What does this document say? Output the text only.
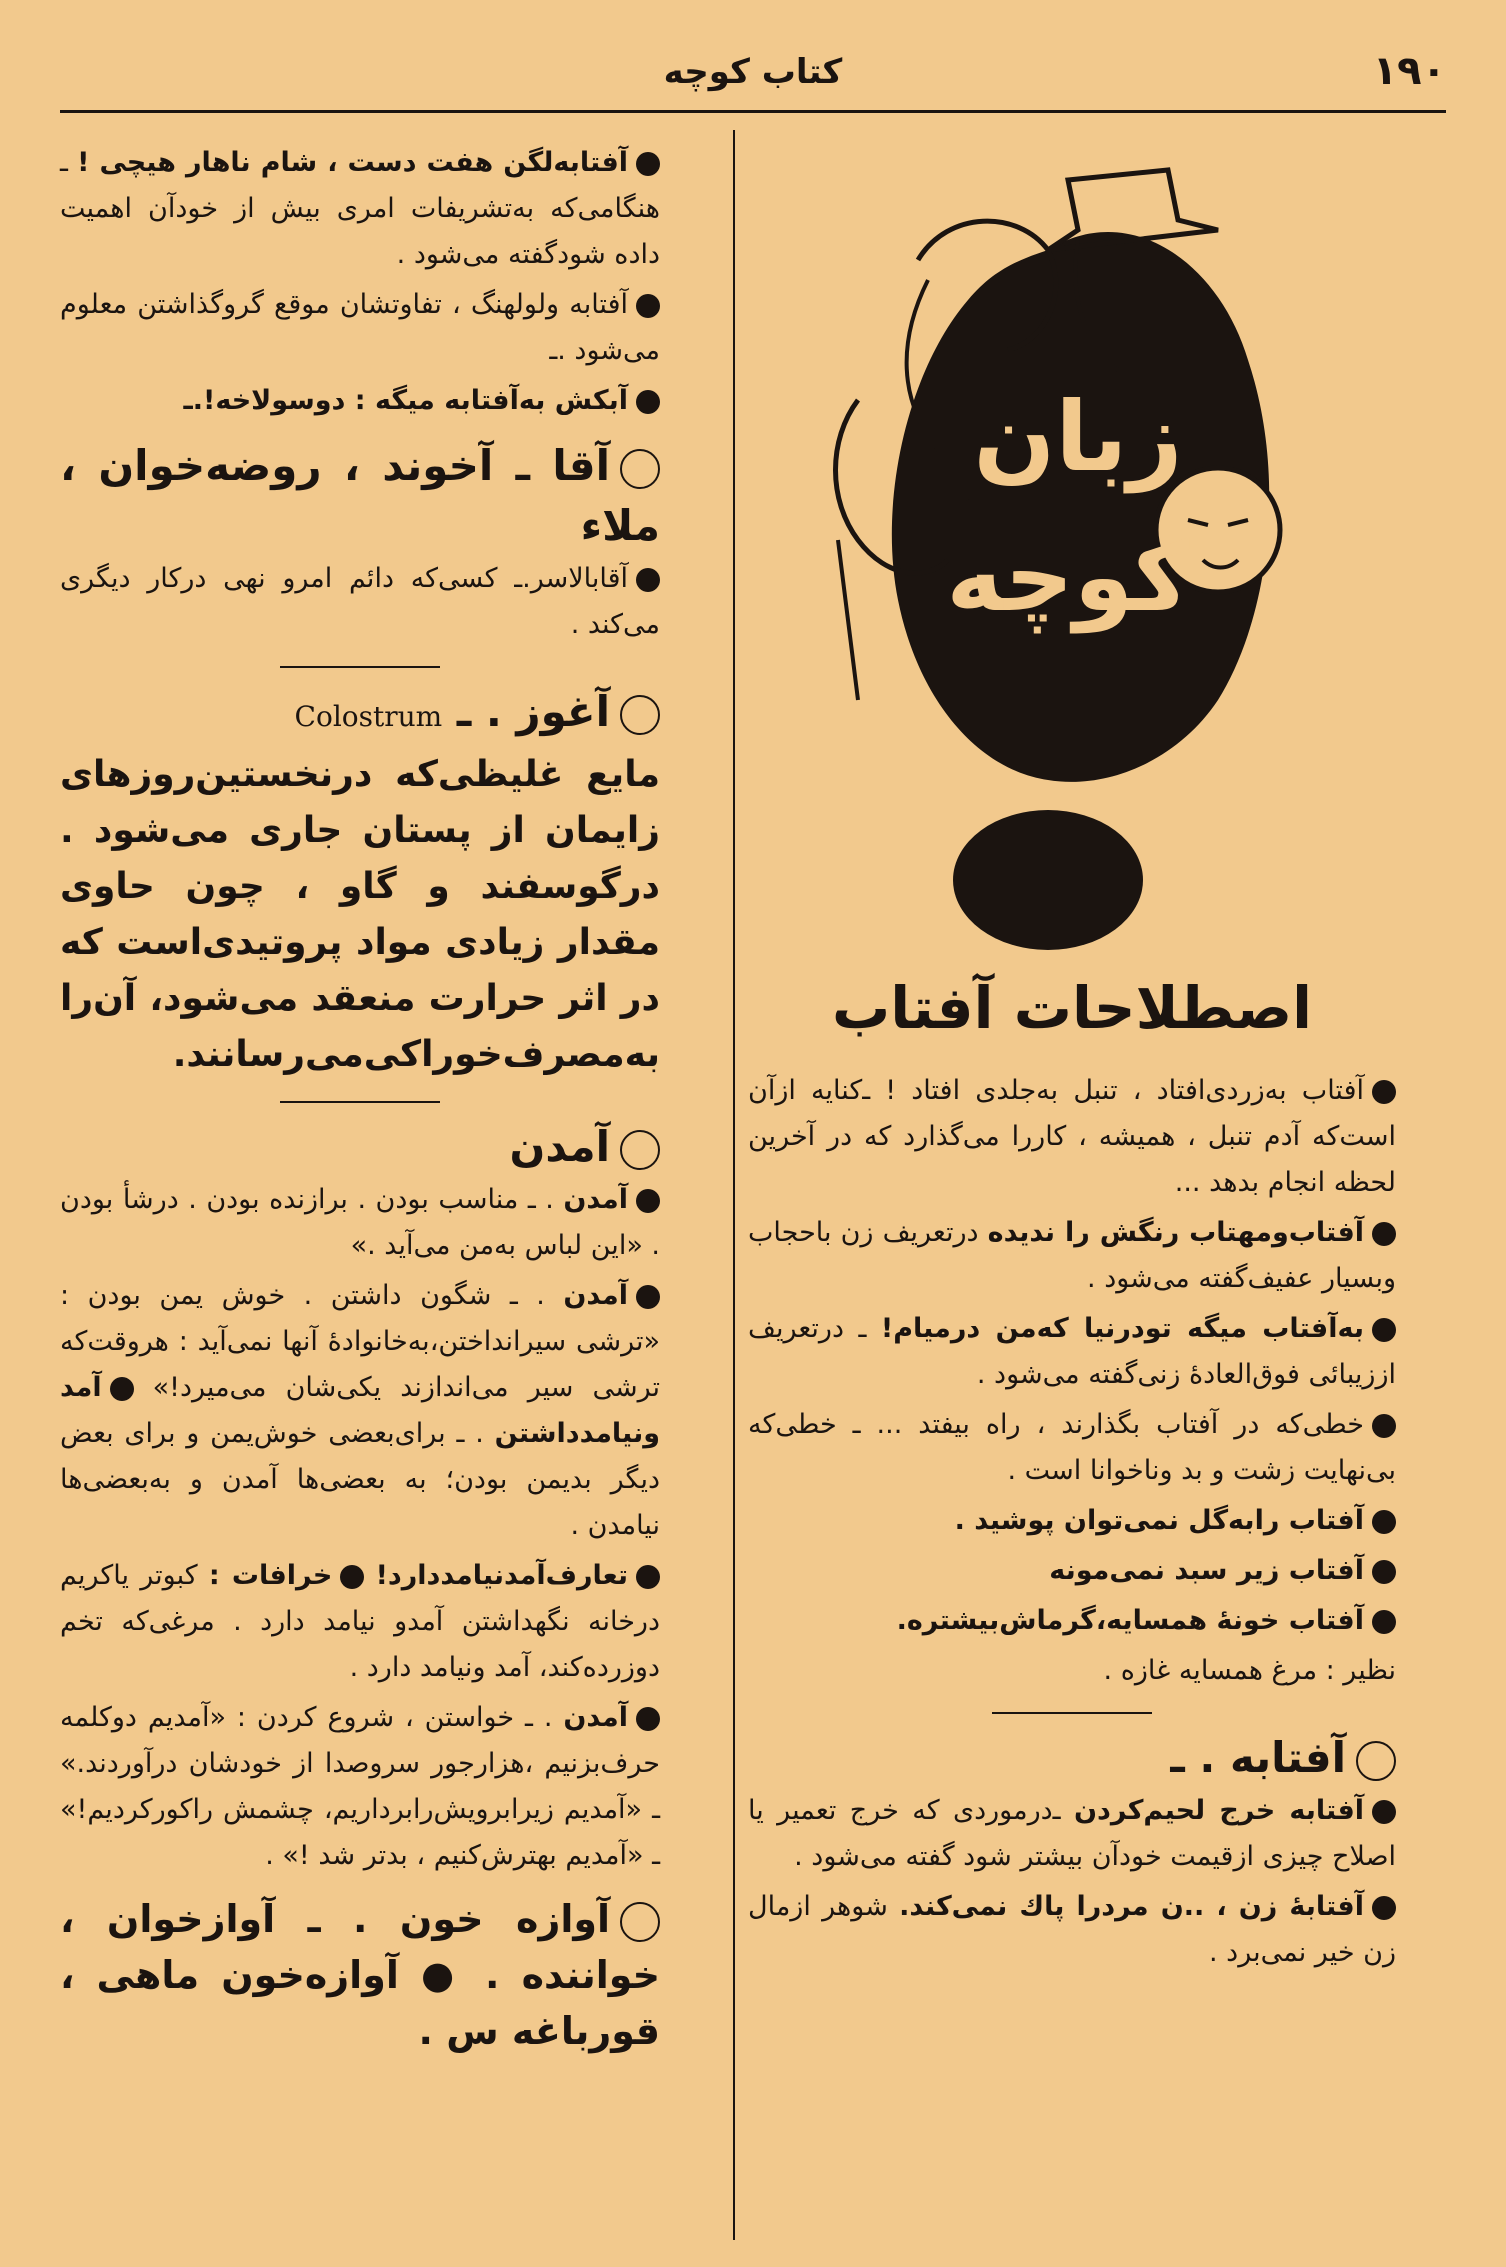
۱۹۰
کتاب کوچه
زبان
کوچه
اصطلاحات آفتاب
آفتاب به‌زردی‌افتاد ، تنبل به‌جلدی افتاد ! ـ‌کنایه ازآن است‌که آدم تنبل ، همیشه ، کاررا می‌گذارد که در آخرین لحظه انجام بدهد ...
آفتاب‌ومهتاب رنگش را ندیده درتعریف زن باحجاب وبسیار عفیف‌گفته می‌شود .
به‌آفتاب میگه تودرنیا که‌من درمیام! ـ درتعریف اززیبائی فوق‌العادهٔ زنی‌گفته می‌شود .
خطی‌که در آفتاب بگذارند ، راه بیفتد ... ـ خطی‌که بی‌نهایت زشت و بد وناخوانا است .
آفتاب رابه‌گل نمی‌توان پوشید .
آفتاب زیر سبد نمی‌مونه
آفتاب خونهٔ همسایه،گرماش‌بیشتره.
نظیر : مرغ همسایه غازه .
آفتابه . ـ
آفتابه خرج لحیم‌کردن ـ‌درموردی که خرج تعمیر یا اصلاح چیزی ازقیمت خودآن بیشتر شود گفته می‌شود .
آفتابهٔ زن ، ..ن مردرا پاك نمی‌کند. شوهر ازمال زن خیر نمی‌برد .
آفتابه‌لگن هفت دست ، شام ناهار هیچی ! ـ هنگامی‌که به‌تشریفات امری بیش از خودآن اهمیت داده شودگفته می‌شود .
آفتابه ولولهنگ ، تفاوتشان موقع گروگذاشتن معلوم می‌شود .ـ
آبکش به‌آفتابه میگه : دوسولاخه!.ـ
آقا ـ آخوند ، روضه‌خوان ، ملاء
آقابالاسر.ـ کسی‌که دائم امرو نهی درکار دیگری می‌کند .
آغوز . ـ Colostrum
مایع غلیظی‌که درنخستین‌روزهای زایمان از پستان جاری می‌شود . درگوسفند و گاو ، چون حاوی مقدار زیادی مواد پروتیدی‌است که در اثر حرارت منعقد می‌شود، آن‌را به‌مصرف‌خوراکی‌می‌رسانند.
آمدن
آمدن . ـ مناسب بودن . برازنده بودن . درشأ بودن . «این لباس به‌من می‌آید .»
آمدن . ـ شگون داشتن . خوش یمن بودن : «ترشی سیرانداختن،به‌خانوادهٔ آنها نمی‌آید : هروقت‌که ترشی سیر می‌اندازند یکی‌شان می‌میرد!» آمد ونیامدداشتن . ـ برای‌بعضی خوش‌یمن و برای بعض دیگر بدیمن بودن؛ به بعضی‌ها آمدن و به‌بعضی‌ها نیامدن .
تعارف‌آمدنیامددارد! خرافات : کبوتر یاکریم درخانه نگهداشتن آمدو نیامد دارد . مرغی‌که تخم دوزرده‌کند، آمد ونیامد دارد .
آمدن . ـ خواستن ، شروع کردن : «آمدیم دوکلمه حرف‌بزنیم ،هزارجور سروصدا از خودشان درآوردند.» ـ «آمدیم زیرابرویش‌رابرداریم، چشمش راکورکردیم!» ـ «آمدیم بهترش‌کنیم ، بدتر شد !» .
آوازه خون . ـ آوازخوان ، خواننده . ● آوازه‌خون ماهی ، قورباغه س .
